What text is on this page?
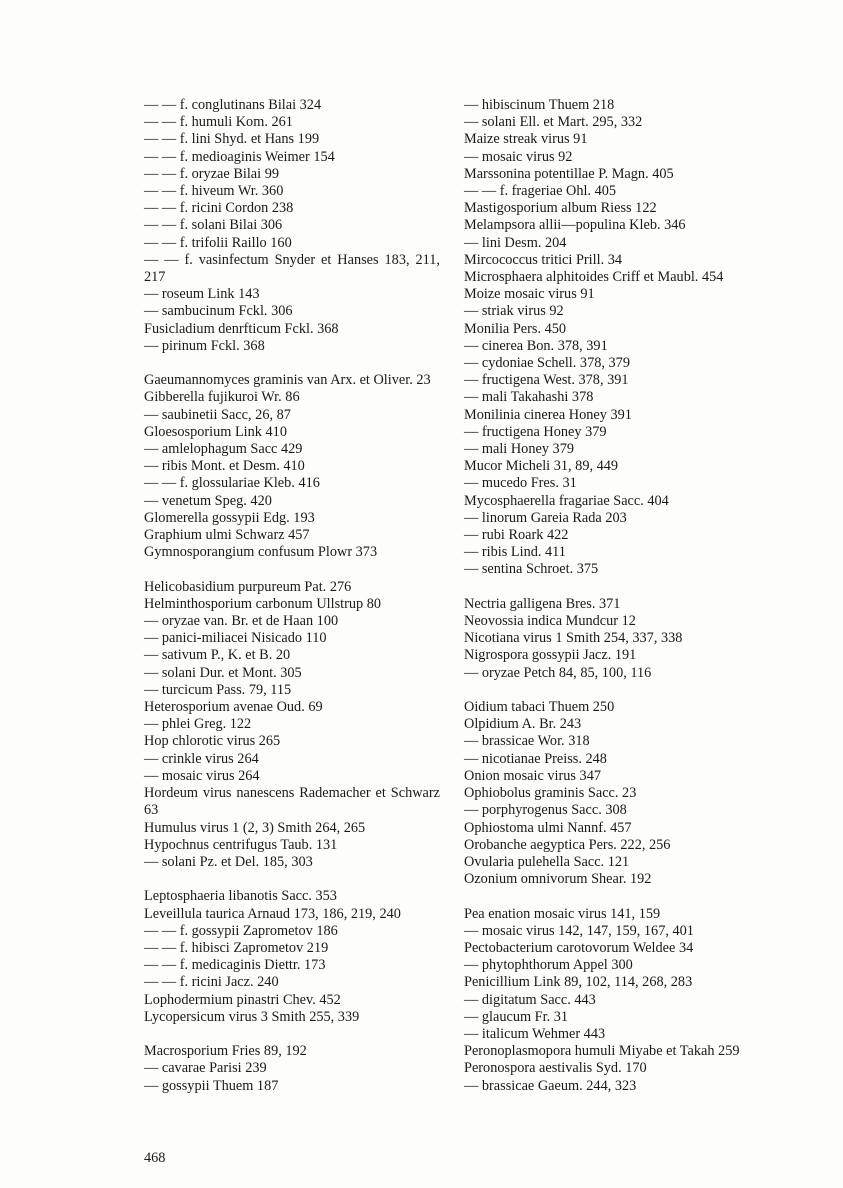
— — f. conglutinans Bilai 324
— — f. humuli Kom. 261
— — f. lini Shyd. et Hans 199
— — f. medioaginis Weimer 154
— — f. oryzae Bilai 99
— — f. hiveum Wr. 360
— — f. ricini Cordon 238
— — f. solani Bilai 306
— — f. trifolii Raillo 160
— — f. vasinfectum Snyder et Hanses 183, 211, 217
— roseum Link 143
— sambucinum Fckl. 306
Fusicladium denrfticum Fckl. 368
— pirinum Fckl. 368
Gaeumannomyces graminis van Arx. et Oliver. 23
Gibberella fujikuroi Wr. 86
— saubinetii Sacc, 26, 87
Gloesosporium Link 410
— amlelophagum Sacc 429
— ribis Mont. et Desm. 410
— — f. glossulariae Kleb. 416
— venetum Speg. 420
Glomerella gossypii Edg. 193
Graphium ulmi Schwarz 457
Gymnosporangium confusum Plowr 373
Helicobasidium purpureum Pat. 276
Helminthosporium carbonum Ullstrup 80
— oryzae van. Br. et de Haan 100
— panici-miliacei Nisicado 110
— sativum P., K. et B. 20
— solani Dur. et Mont. 305
— turcicum Pass. 79, 115
Heterosporium avenae Oud. 69
— phlei Greg. 122
Hop chlorotic virus 265
— crinkle virus 264
— mosaic virus 264
Hordeum virus nanescens Rademacher et Schwarz 63
Humulus virus 1 (2, 3) Smith 264, 265
Hypochnus centrifugus Taub. 131
— solani Pz. et Del. 185, 303
Leptosphaeria libanotis Sacc. 353
Leveillula taurica Arnaud 173, 186, 219, 240
— — f. gossypii Zaprometov 186
— — f. hibisci Zaprometov 219
— — f. medicaginis Diettr. 173
— — f. ricini Jacz. 240
Lophodermium pinastri Chev. 452
Lycopersicum virus 3 Smith 255, 339
Macrosporium Fries 89, 192
— cavarae Parisi 239
— gossypii Thuem 187
— hibiscinum Thuem 218
— solani Ell. et Mart. 295, 332
Maize streak virus 91
— mosaic virus 92
Marssonina potentillae P. Magn. 405
— — f. frageriae Ohl. 405
Mastigosporium album Riess 122
Melampsora allii—populina Kleb. 346
— lini Desm. 204
Mircococcus tritici Prill. 34
Microsphaera alphitoides Criff et Maubl. 454
Moize mosaic virus 91
— striak virus 92
Monilia Pers. 450
— cinerea Bon. 378, 391
— cydoniae Schell. 378, 379
— fructigena West. 378, 391
— mali Takahashi 378
Monilinia cinerea Honey 391
— fructigena Honey 379
— mali Honey 379
Mucor Micheli 31, 89, 449
— mucedo Fres. 31
Mycosphaerella fragariae Sacc. 404
— linorum Gareia Rada 203
— rubi Roark 422
— ribis Lind. 411
— sentina Schroet. 375
Nectria galligena Bres. 371
Neovossia indica Mundcur 12
Nicotiana virus 1 Smith 254, 337, 338
Nigrospora gossypii Jacz. 191
— oryzae Petch 84, 85, 100, 116
Oidium tabaci Thuem 250
Olpidium A. Br. 243
— brassicae Wor. 318
— nicotianae Preiss. 248
Onion mosaic virus 347
Ophiobolus graminis Sacc. 23
— porphyrogenus Sacc. 308
Ophiostoma ulmi Nannf. 457
Orobanche aegyptica Pers. 222, 256
Ovularia pulehella Sacc. 121
Ozonium omnivorum Shear. 192
Pea enation mosaic virus 141, 159
— mosaic virus 142, 147, 159, 167, 401
Pectobacterium carotovorum Weldee 34
— phytophthorum Appel 300
Penicillium Link 89, 102, 114, 268, 283
— digitatum Sacc. 443
— glaucum Fr. 31
— italicum Wehmer 443
Peronoplasmopora humuli Miyabe et Takah 259
Peronospora aestivalis Syd. 170
— brassicae Gaeum. 244, 323
468
